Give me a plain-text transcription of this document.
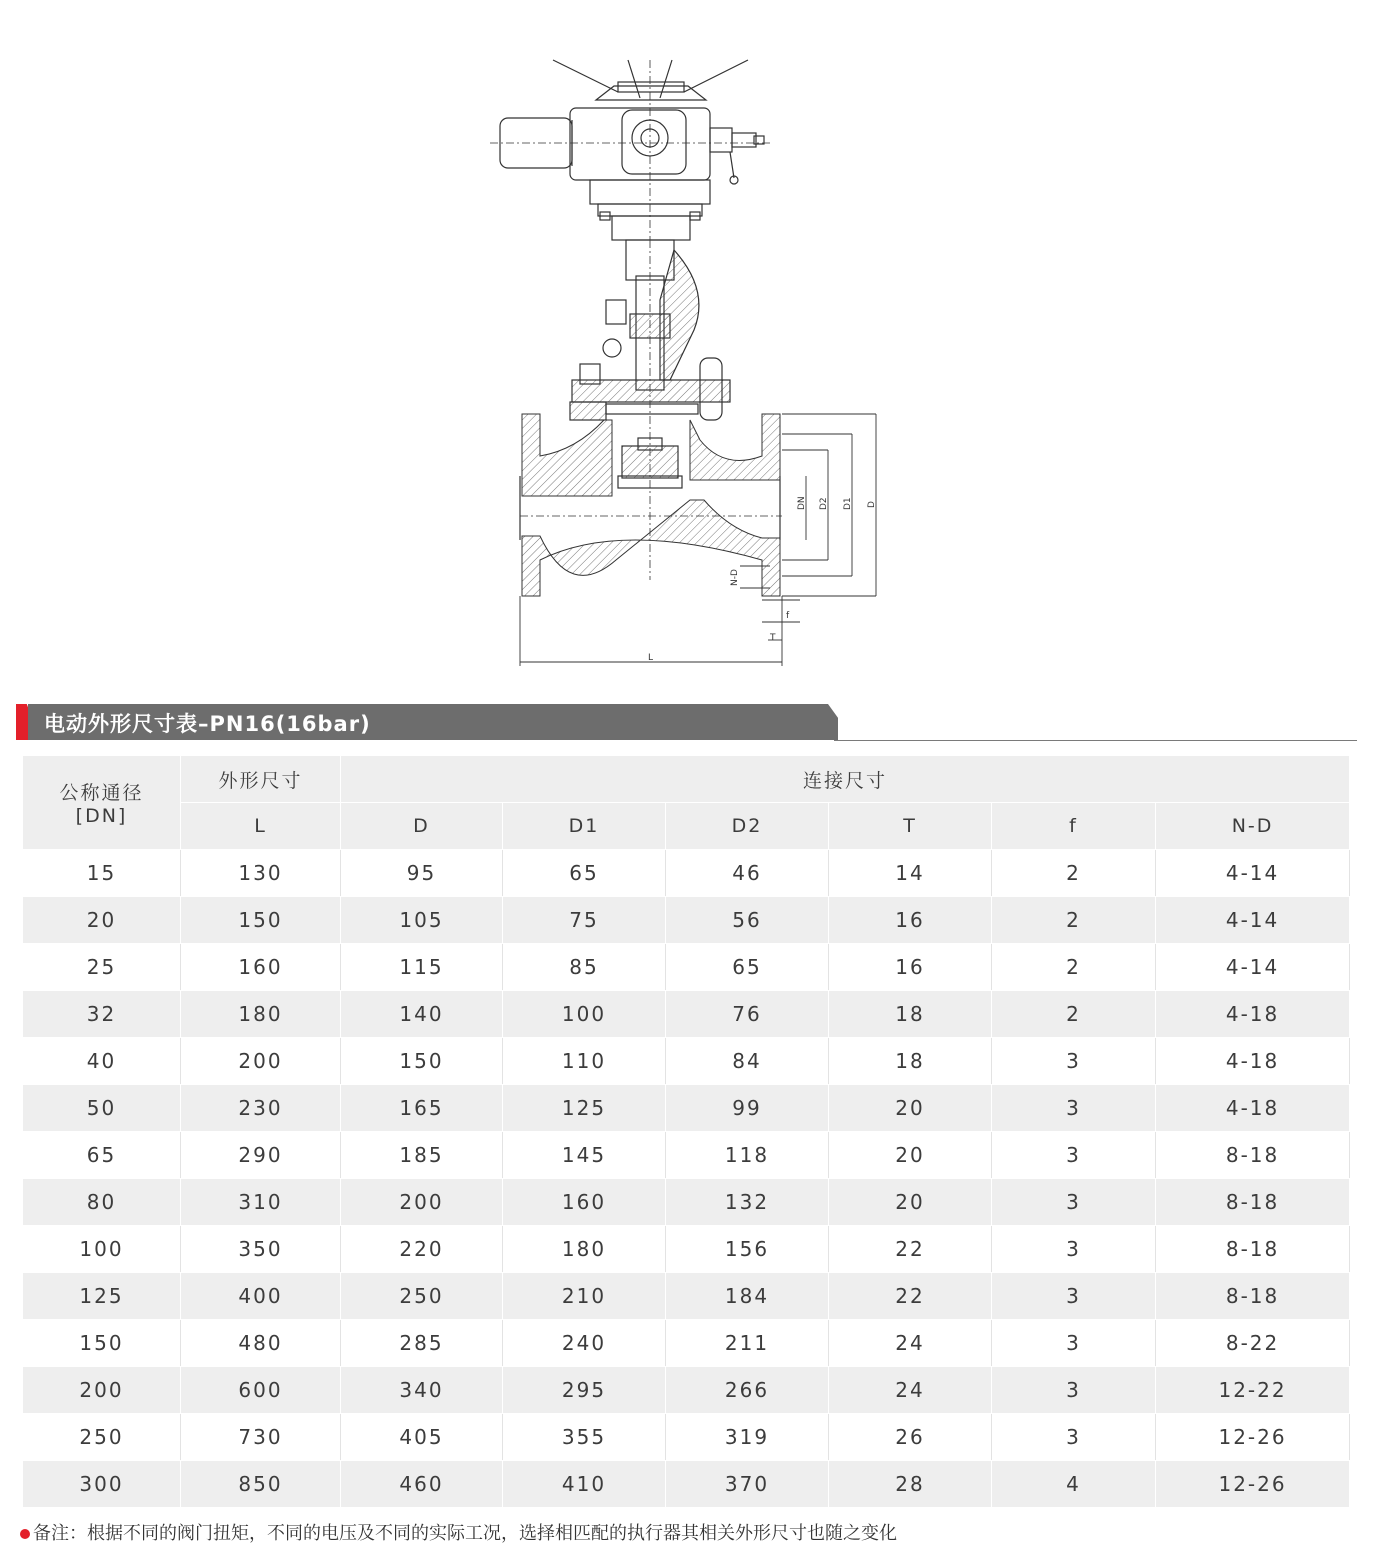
DN D2 D1 D
N-D
f
T
L
电动外形尺寸表–PN16(16bar)
公称通径
[DN]	外形尺寸	连接尺寸					
	L	D	D1	D2	T	f	N-D
15	130	95	65	46	14	2	4-14
20	150	105	75	56	16	2	4-14
25	160	115	85	65	16	2	4-14
32	180	140	100	76	18	2	4-18
40	200	150	110	84	18	3	4-18
50	230	165	125	99	20	3	4-18
65	290	185	145	118	20	3	8-18
80	310	200	160	132	20	3	8-18
100	350	220	180	156	22	3	8-18
125	400	250	210	184	22	3	8-18
150	480	285	240	211	24	3	8-22
200	600	340	295	266	24	3	12-22
250	730	405	355	319	26	3	12-26
300	850	460	410	370	28	4	12-26
备注：根据不同的阀门扭矩，不同的电压及不同的实际工况，选择相匹配的执行器其相关外形尺寸也随之变化
